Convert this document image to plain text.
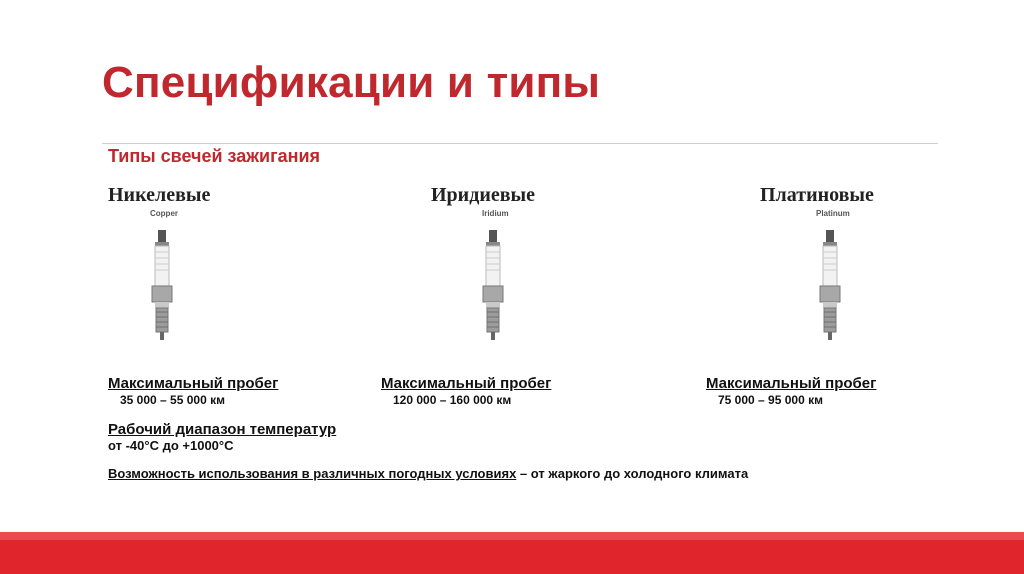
Спецификации и типы
Типы свечей зажигания
Никелевые
Copper
Максимальный пробег
35 000 – 55 000 км
Иридиевые
Iridium
Максимальный пробег
120 000 – 160 000 км
Платиновые
Platinum
Максимальный пробег
75 000 – 95 000 км
Рабочий диапазон температур
от -40°С до +1000°С
Возможность использования в различных погодных условиях – от жаркого до холодного климата
